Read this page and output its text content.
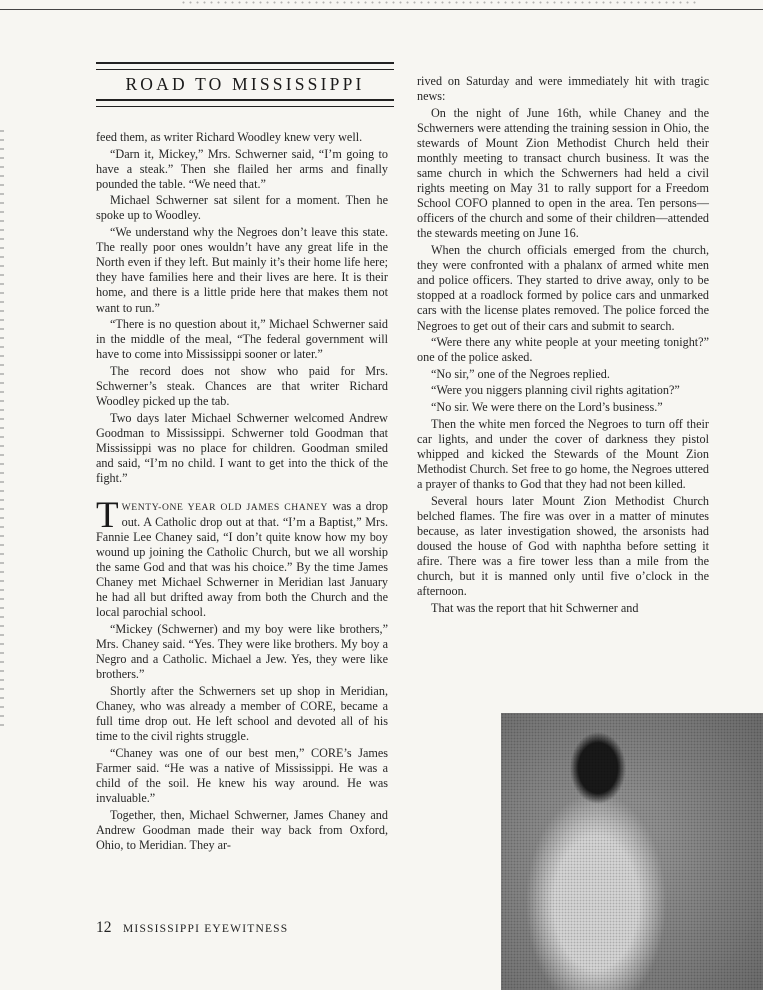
ROAD TO MISSISSIPPI

feed them, as writer Richard Woodley knew very well.

“Darn it, Mickey,” Mrs. Schwerner said, “I’m going to have a steak.” Then she flailed her arms and finally pounded the table. “We need that.”

Michael Schwerner sat silent for a moment. Then he spoke up to Woodley.

“We understand why the Negroes don’t leave this state. The really poor ones wouldn’t have any great life in the North even if they left. But mainly it’s their home life here; they have families here and their lives are here. It is their home, and there is a little pride here that makes them not want to run.”

“There is no question about it,” Michael Schwerner said in the middle of the meal, “The federal government will have to come into Mississippi sooner or later.”

The record does not show who paid for Mrs. Schwerner’s steak. Chances are that writer Richard Woodley picked up the tab.

Two days later Michael Schwerner welcomed Andrew Goodman to Mississippi. Schwerner told Goodman that Mississippi was no place for children. Goodman smiled and said, “I’m no child. I want to get into the thick of the fight.”

TWENTY-ONE YEAR OLD JAMES CHANEY was a drop out. A Catholic drop out at that. “I’m a Baptist,” Mrs. Fannie Lee Chaney said, “I don’t quite know how my boy wound up joining the Catholic Church, but we all worship the same God and that was his choice.” By the time James Chaney met Michael Schwerner in Meridian last January he had all but drifted away from both the Church and the local parochial school.

“Mickey (Schwerner) and my boy were like brothers,” Mrs. Chaney said. “Yes. They were like brothers. My boy a Negro and a Catholic. Michael a Jew. Yes, they were like brothers.”

Shortly after the Schwerners set up shop in Meridian, Chaney, who was already a member of CORE, became a full time drop out. He left school and devoted all of his time to the civil rights struggle.

“Chaney was one of our best men,” CORE’s James Farmer said. “He was a native of Mississippi. He was a child of the soil. He knew his way around. He was invaluable.”

Together, then, Michael Schwerner, James Chaney and Andrew Goodman made their way back from Oxford, Ohio, to Meridian. They ar-

rived on Saturday and were immediately hit with tragic news:

On the night of June 16th, while Chaney and the Schwerners were attending the training session in Ohio, the stewards of Mount Zion Methodist Church held their monthly meeting to transact church business. It was the same church in which the Schwerners had held a civil rights meeting on May 31 to rally support for a Freedom School COFO planned to open in the area. Ten persons—officers of the church and some of their children—attended the stewards meeting on June 16.

When the church officials emerged from the church, they were confronted with a phalanx of armed white men and police officers. They started to drive away, only to be stopped at a roadlock formed by police cars and unmarked cars with the license plates removed. The police forced the Negroes to get out of their cars and submit to search.

“Were there any white people at your meeting tonight?” one of the police asked.

“No sir,” one of the Negroes replied.

“Were you niggers planning civil rights agitation?”

“No sir. We were there on the Lord’s business.”

Then the white men forced the Negroes to turn off their car lights, and under the cover of darkness they pistol whipped and kicked the Stewards of the Mount Zion Methodist Church. Set free to go home, the Negroes uttered a prayer of thanks to God that they had not been killed.

Several hours later Mount Zion Methodist Church belched flames. The fire was over in a matter of minutes because, as later investigation showed, the arsonists had doused the house of God with naphtha before setting it afire. There was a fire tower less than a mile from the church, but it is manned only until five o’clock in the afternoon.

That was the report that hit Schwerner and

12 MISSISSIPPI EYEWITNESS
